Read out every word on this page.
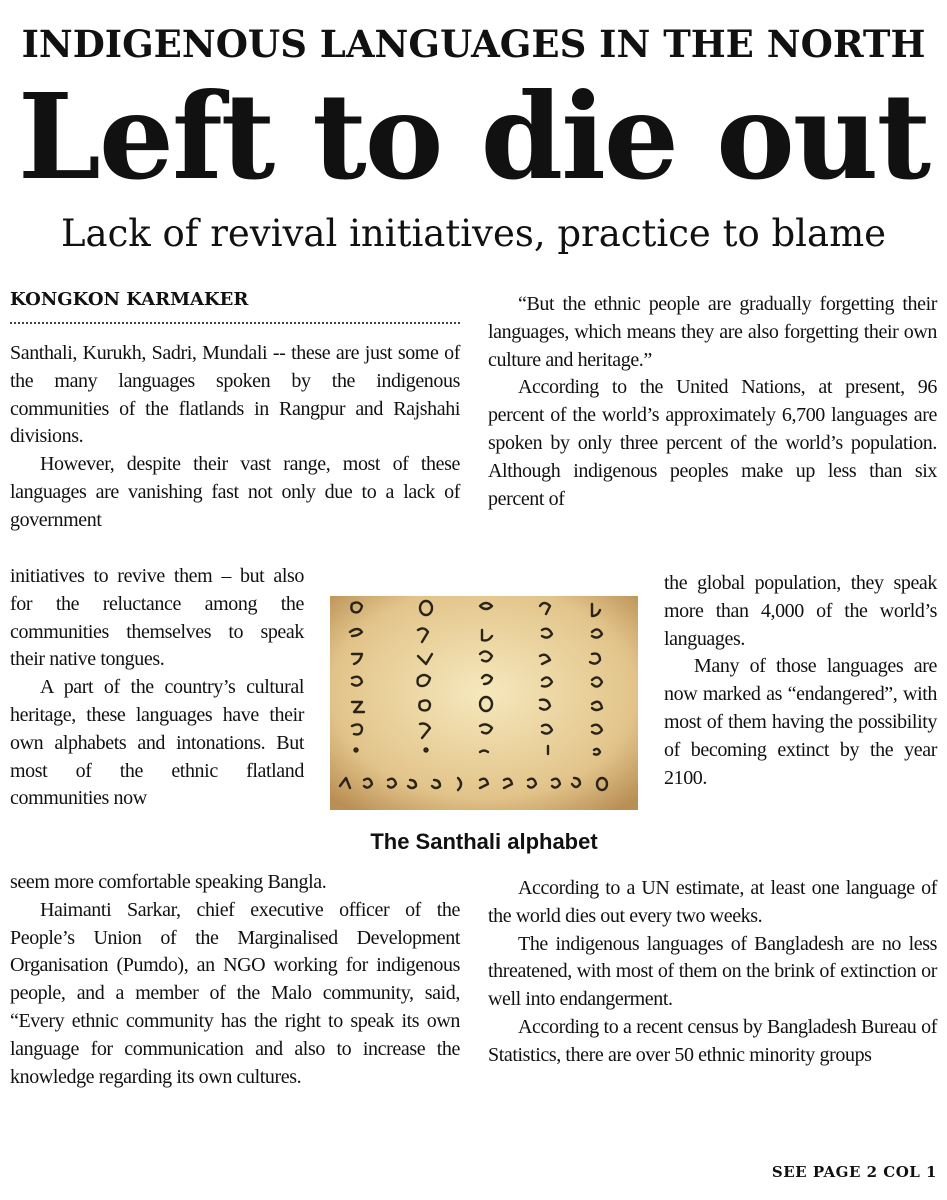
INDIGENOUS LANGUAGES IN THE NORTH
Left to die out
Lack of revival initiatives, practice to blame
KONGKON KARMAKER

Santhali, Kurukh, Sadri, Mundali -- these are just some of the many languages spoken by the indigenous communities of the flatlands in Rangpur and Rajshahi divisions.

However, despite their vast range, most of these languages are vanishing fast not only due to a lack of government

initiatives to revive them – but also for the reluctance among the communities themselves to speak their native tongues.

A part of the country’s cultural heritage, these languages have their own alphabets and intonations. But most of the ethnic flatland communities now

seem more comfortable speaking Bangla.

Haimanti Sarkar, chief executive officer of the People’s Union of the Marginalised Development Organisation (Pumdo), an NGO working for indigenous people, and a member of the Malo community, said, “Every ethnic community has the right to speak its own language for communication and also to increase the knowledge regarding its own cultures.

“But the ethnic people are gradually forgetting their languages, which means they are also forgetting their own culture and heritage.”

According to the United Nations, at present, 96 percent of the world’s approximately 6,700 languages are spoken by only three percent of the world’s population. Although indigenous peoples make up less than six percent of

the global population, they speak more than 4,000 of the world’s languages.

Many of those languages are now marked as “endangered”, with most of them having the possibility of becoming extinct by the year 2100.

According to a UN estimate, at least one language of the world dies out every two weeks.

The indigenous languages of Bangladesh are no less threatened, with most of them on the brink of extinction or well into endangerment.

According to a recent census by Bangladesh Bureau of Statistics, there are over 50 ethnic minority groups

The Santhali alphabet
SEE PAGE 2 COL 1
